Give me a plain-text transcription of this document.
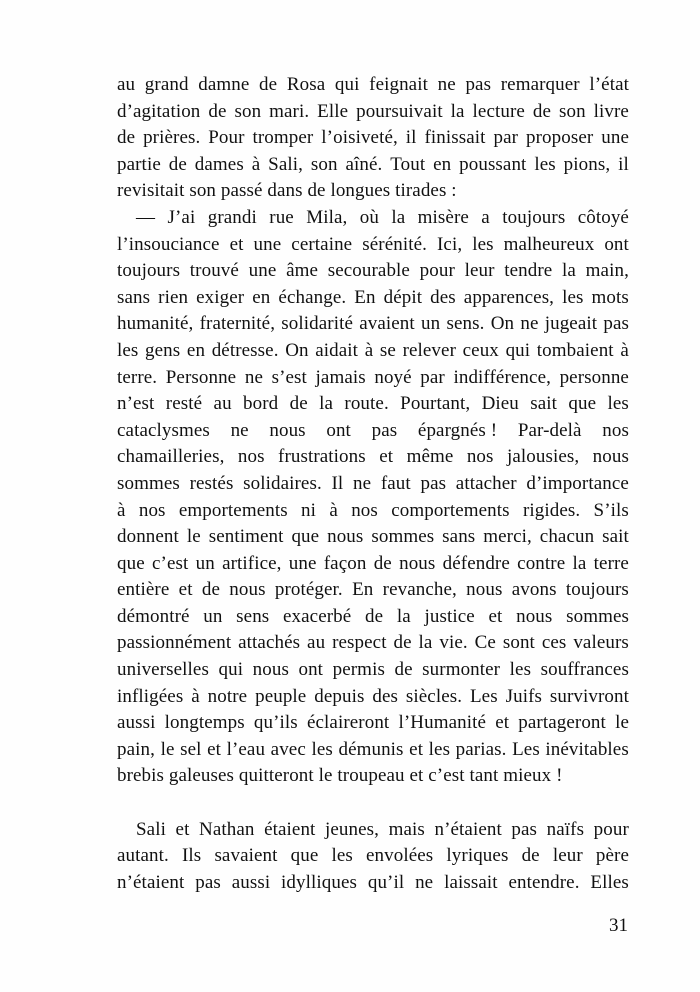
au grand damne de Rosa qui feignait ne pas remarquer l’état
d’agitation de son mari. Elle poursuivait la lecture de son livre
de prières. Pour tromper l’oisiveté, il finissait par proposer une
partie de dames à Sali, son aîné. Tout en poussant les pions, il
revisitait son passé dans de longues tirades :
— J’ai grandi rue Mila, où la misère a toujours côtoyé
l’insouciance et une certaine sérénité. Ici, les malheureux ont
toujours trouvé une âme secourable pour leur tendre la main,
sans rien exiger en échange. En dépit des apparences, les mots
humanité, fraternité, solidarité avaient un sens. On ne jugeait pas
les gens en détresse. On aidait à se relever ceux qui tombaient à
terre. Personne ne s’est jamais noyé par indifférence, personne
n’est resté au bord de la route. Pourtant, Dieu sait que les
cataclysmes ne nous ont pas épargnés ! Par-delà nos
chamailleries, nos frustrations et même nos jalousies, nous
sommes restés solidaires. Il ne faut pas attacher d’importance
à nos emportements ni à nos comportements rigides. S’ils
donnent le sentiment que nous sommes sans merci, chacun sait
que c’est un artifice, une façon de nous défendre contre la terre
entière et de nous protéger. En revanche, nous avons toujours
démontré un sens exacerbé de la justice et nous sommes
passionnément attachés au respect de la vie. Ce sont ces valeurs
universelles qui nous ont permis de surmonter les souffrances
infligées à notre peuple depuis des siècles. Les Juifs survivront
aussi longtemps qu’ils éclaireront l’Humanité et partageront le
pain, le sel et l’eau avec les démunis et les parias. Les inévitables
brebis galeuses quitteront le troupeau et c’est tant mieux !
Sali et Nathan étaient jeunes, mais n’étaient pas naïfs pour
autant. Ils savaient que les envolées lyriques de leur père
n’étaient pas aussi idylliques qu’il ne laissait entendre. Elles
31
